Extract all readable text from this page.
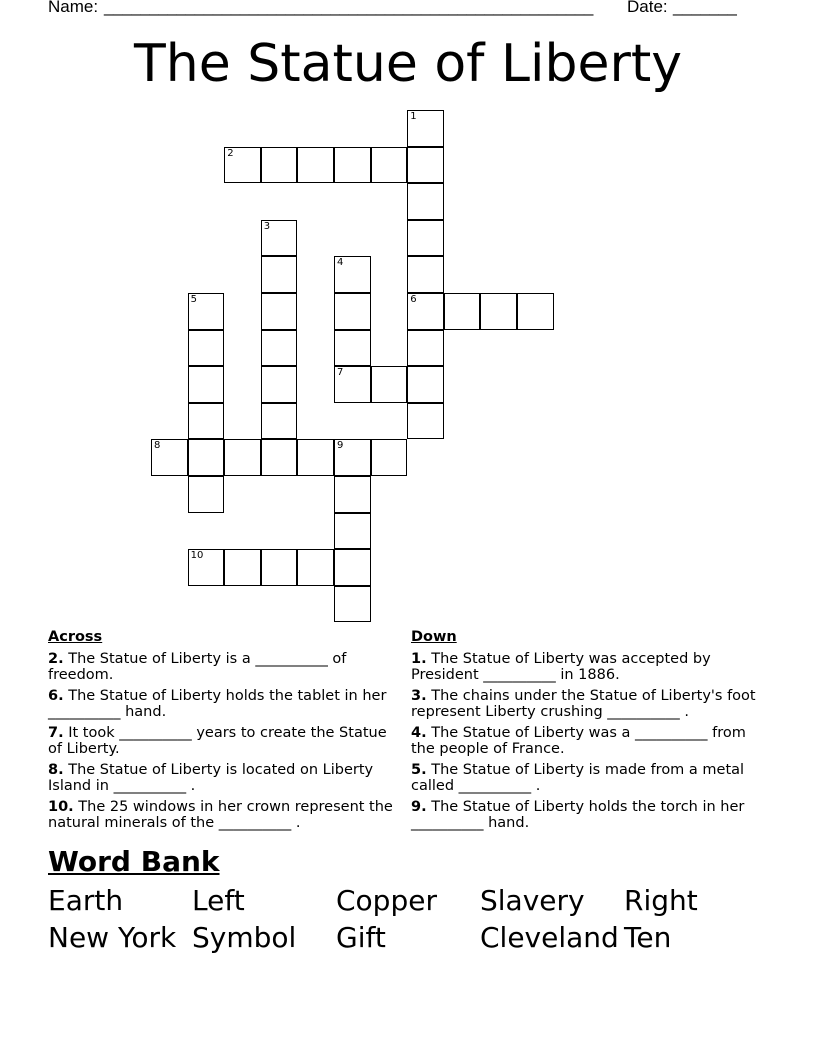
Name: ______________________________________________________ Date: _______
The Statue of Liberty
1
6
2
3
4
7
5
8	9
10
Across
2. The Statue of Liberty is a __________ of freedom.
6. The Statue of Liberty holds the tablet in her __________ hand.
7. It took __________ years to create the Statue of Liberty.
8. The Statue of Liberty is located on Liberty Island in __________ .
10. The 25 windows in her crown represent the natural minerals of the __________ .
Down
1. The Statue of Liberty was accepted by President __________ in 1886.
3. The chains under the Statue of Liberty's foot represent Liberty crushing __________ .
4. The Statue of Liberty was a __________ from the people of France.
5. The Statue of Liberty is made from a metal called __________ .
9. The Statue of Liberty holds the torch in her __________ hand.
Word Bank
Earth Left	Copper Slavery Right
New York Symbol Gift	Cleveland Ten
